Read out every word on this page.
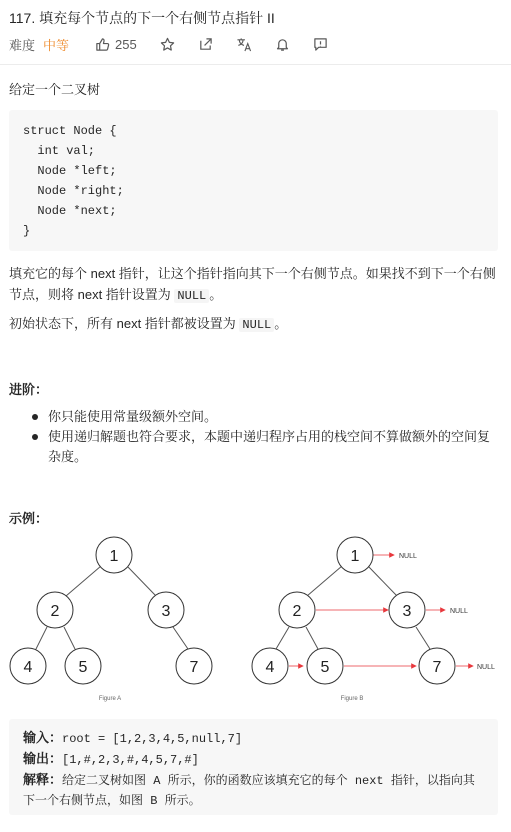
117. 填充每个节点的下一个右侧节点指针 II
难度 中等	255
给定一个二叉树
struct Node {
int val;
Node *left;
Node *right;
Node *next;
}
填充它的每个 next 指针，让这个指针指向其下一个右侧节点。如果找不到下一个右侧节点，则将 next 指针设置为 NULL 。
初始状态下，所有 next 指针都被设置为 NULL 。
进阶：
你只能使用常量级额外空间。
使用递归解题也符合要求，本题中递归程序占用的栈空间不算做额外的空间复杂度。
示例：
1
2	3
4	5	7
Figure A
1
2	3
4	5	7
NULL
NULL
NULL
Figure B
输入：root = [1,2,3,4,5,null,7]
输出：[1,#,2,3,#,4,5,7,#]
解释：给定二叉树如图 A 所示，你的函数应该填充它的每个 next 指针，以指向其下一个右侧节点，如图 B 所示。
